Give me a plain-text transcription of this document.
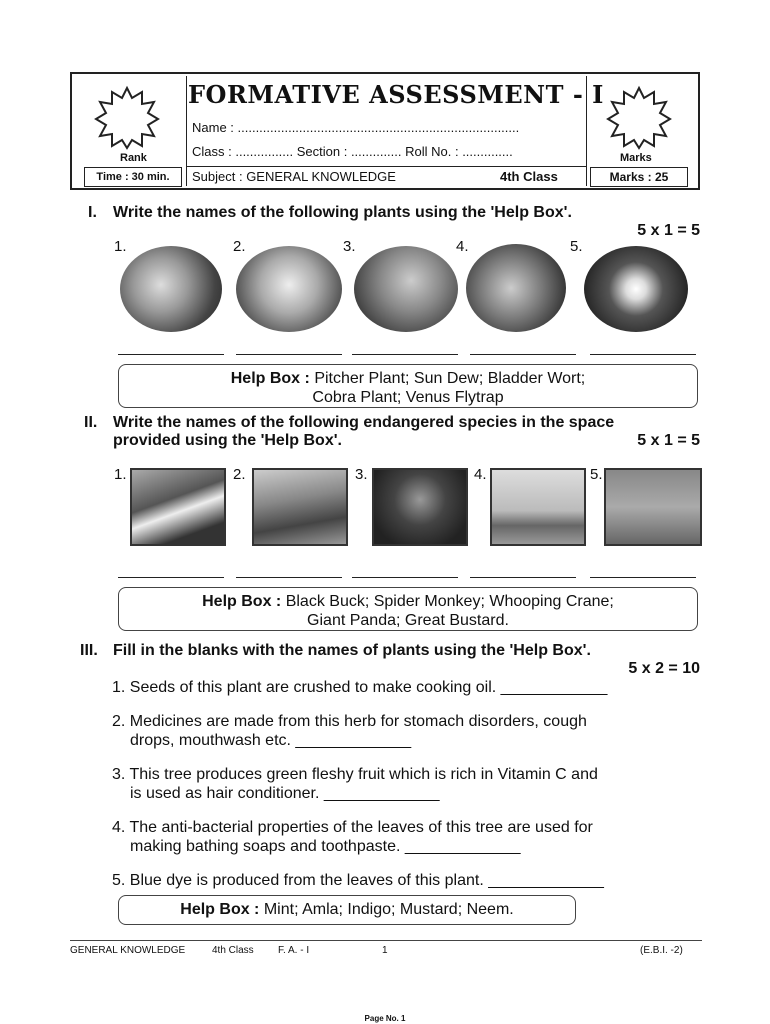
FORMATIVE ASSESSMENT - I
Name : ..............................................................................
Class : ................ Section : .............. Roll No. : ..............
Rank	Marks
Time : 30 min.	Subject : GENERAL KNOWLEDGE	4th Class	Marks : 25
I. Write the names of the following plants using the 'Help Box'.
5 x 1 = 5
1.	2.	3.	4.	5.
Help Box : Pitcher Plant; Sun Dew; Bladder Wort;
Cobra Plant; Venus Flytrap
II. Write the names of the following endangered species in the space
provided using the 'Help Box'.	5 x 1 = 5
1.	2.	3.	4.	5.
Help Box : Black Buck; Spider Monkey; Whooping Crane;
Giant Panda; Great Bustard.
III. Fill in the blanks with the names of plants using the 'Help Box'.
5 x 2 = 10
1. Seeds of this plant are crushed to make cooking oil. ____________
2. Medicines are made from this herb for stomach disorders, cough
drops, mouthwash etc. _____________
3. This tree produces green fleshy fruit which is rich in Vitamin C and
is used as hair conditioner. _____________
4. The anti-bacterial properties of the leaves of this tree are used for
making bathing soaps and toothpaste. _____________
5. Blue dye is produced from the leaves of this plant. _____________
Help Box : Mint; Amla; Indigo; Mustard; Neem.
GENERAL KNOWLEDGE	4th Class F. A. - I	1	(E.B.I. -2)
Page No. 1
